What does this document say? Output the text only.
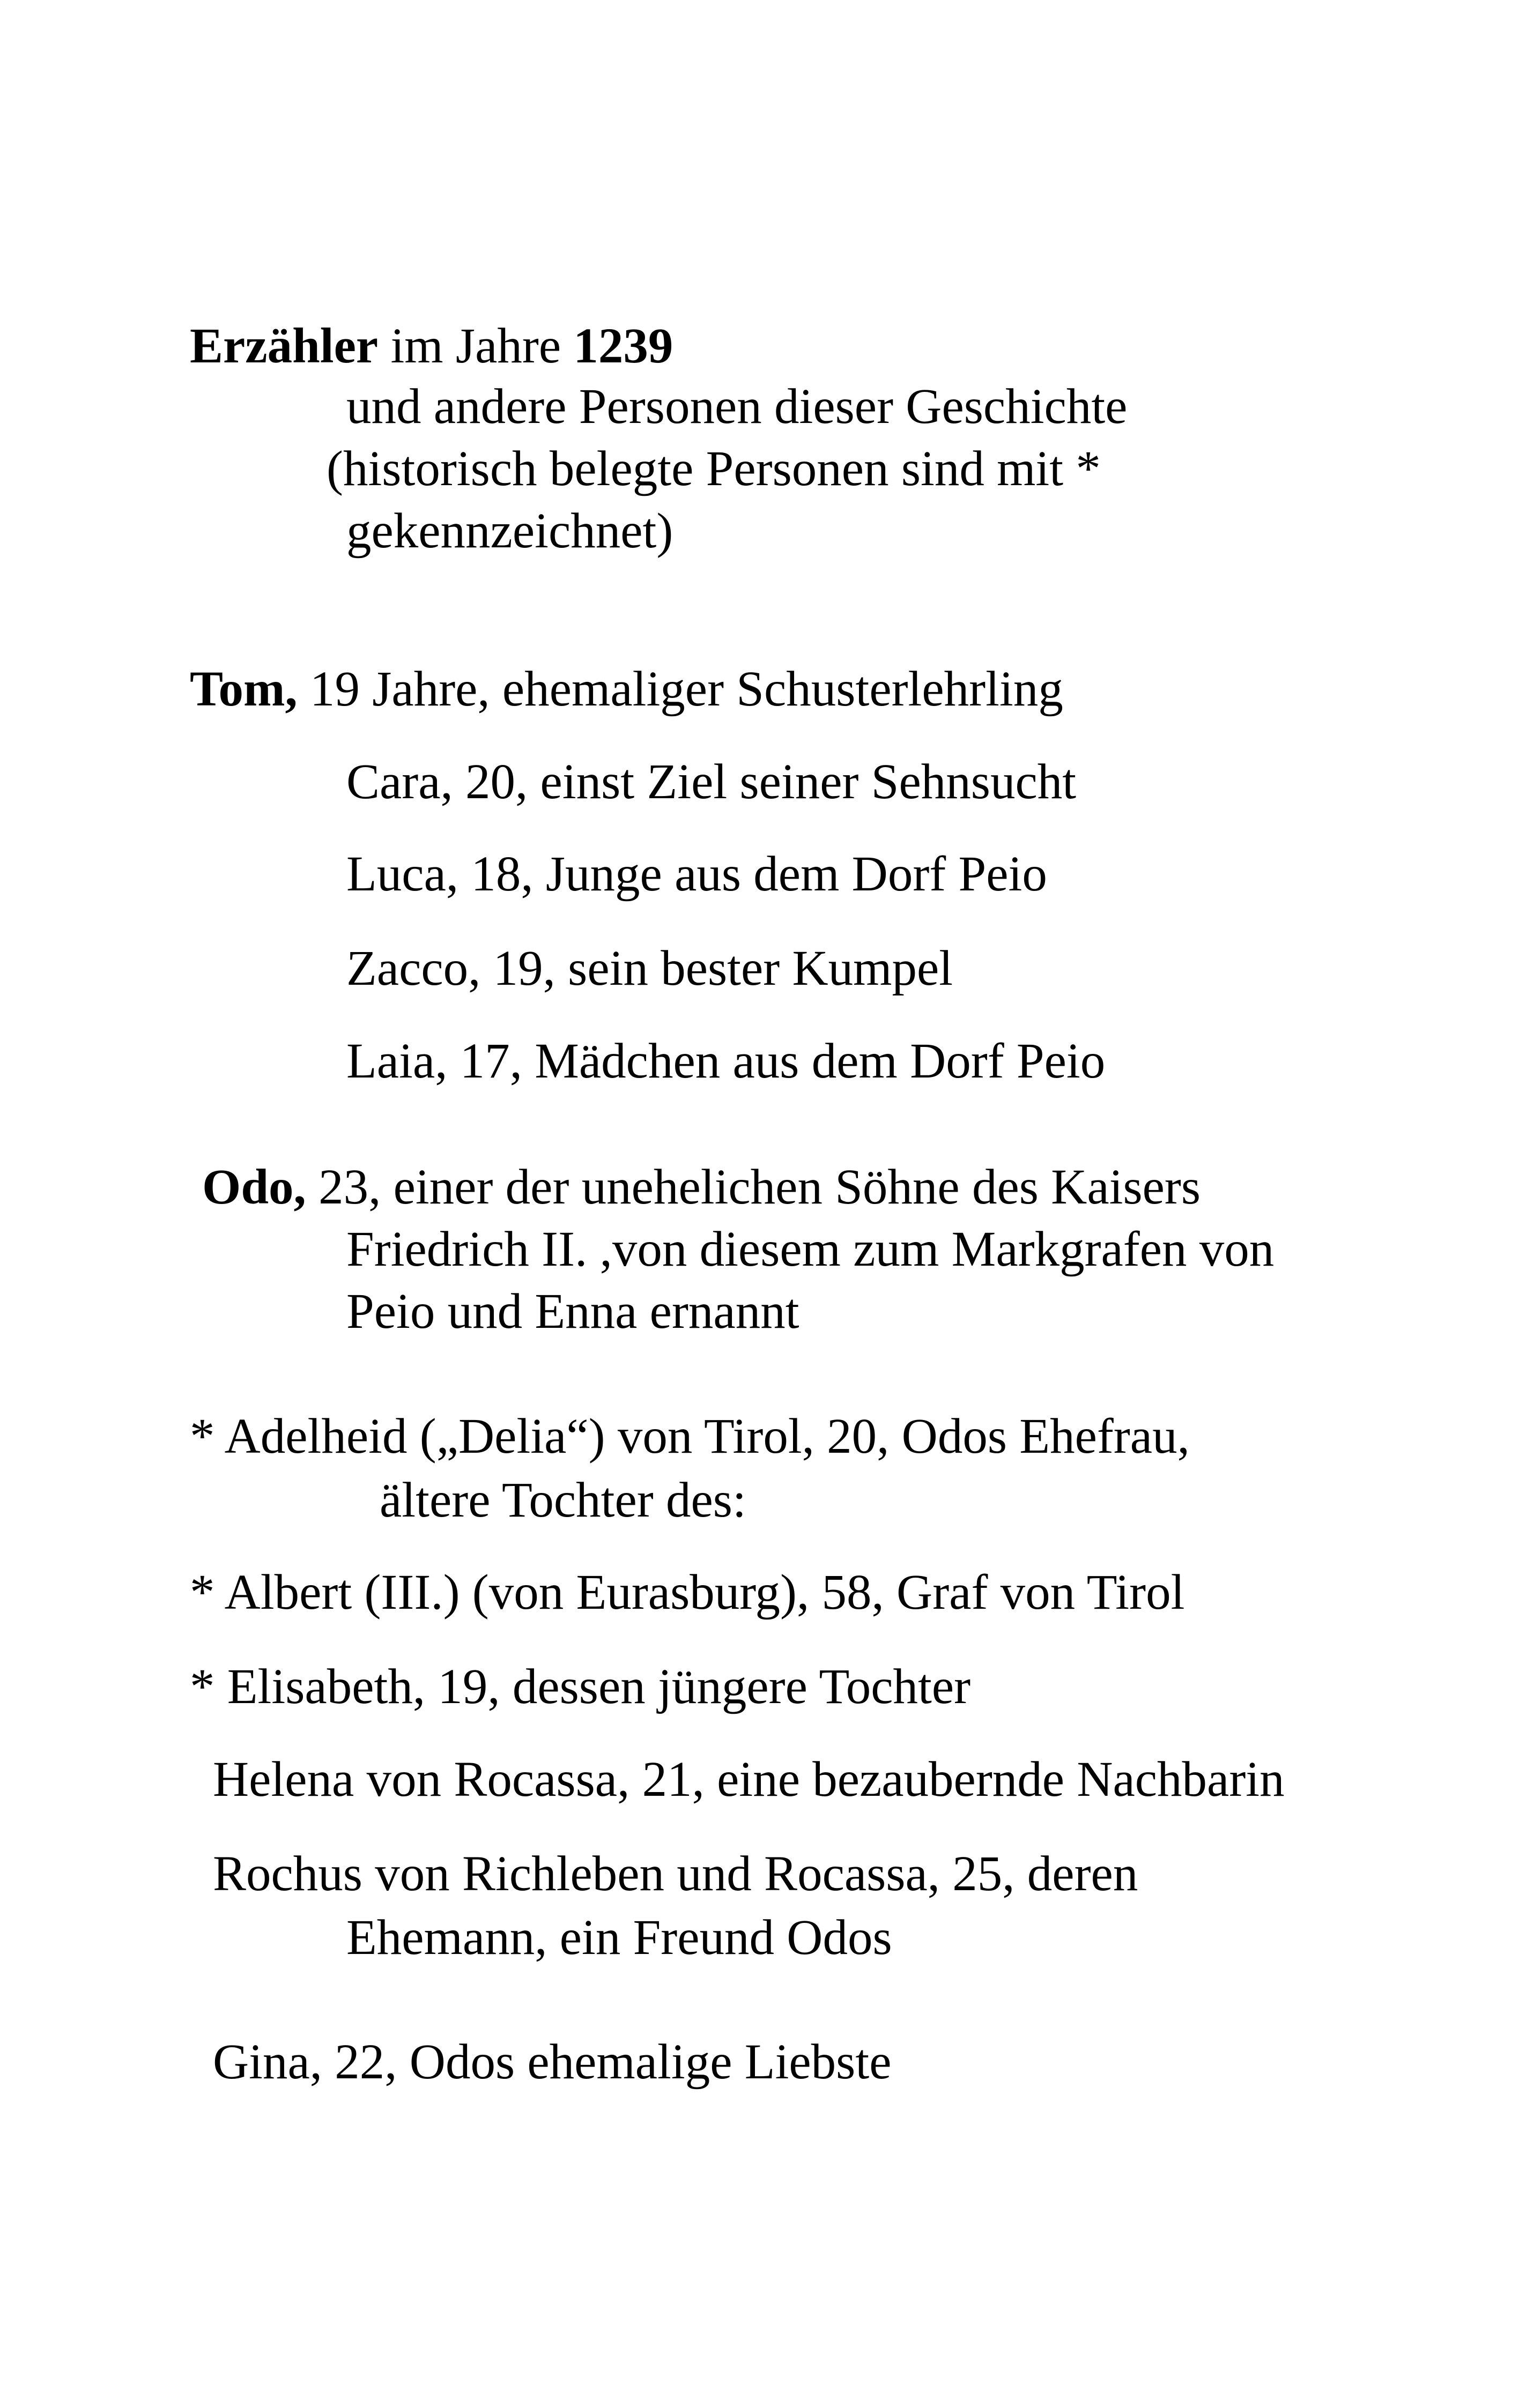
Erzähler im Jahre 1239
und andere Personen dieser Geschichte
(historisch belegte Personen sind mit *
gekennzeichnet)
Tom, 19 Jahre, ehemaliger Schusterlehrling
Cara, 20, einst Ziel seiner Sehnsucht
Luca, 18, Junge aus dem Dorf Peio
Zacco, 19, sein bester Kumpel
Laia, 17, Mädchen aus dem Dorf Peio
Odo, 23, einer der unehelichen Söhne des Kaisers
Friedrich II. ,von diesem zum Markgrafen von
Peio und Enna ernannt
* Adelheid („Delia“) von Tirol, 20, Odos Ehefrau,
ältere Tochter des:
* Albert (III.) (von Eurasburg), 58, Graf von Tirol
* Elisabeth, 19, dessen jüngere Tochter
Helena von Rocassa, 21, eine bezaubernde Nachbarin
Rochus von Richleben und Rocassa, 25, deren
Ehemann, ein Freund Odos
Gina, 22, Odos ehemalige Liebste
